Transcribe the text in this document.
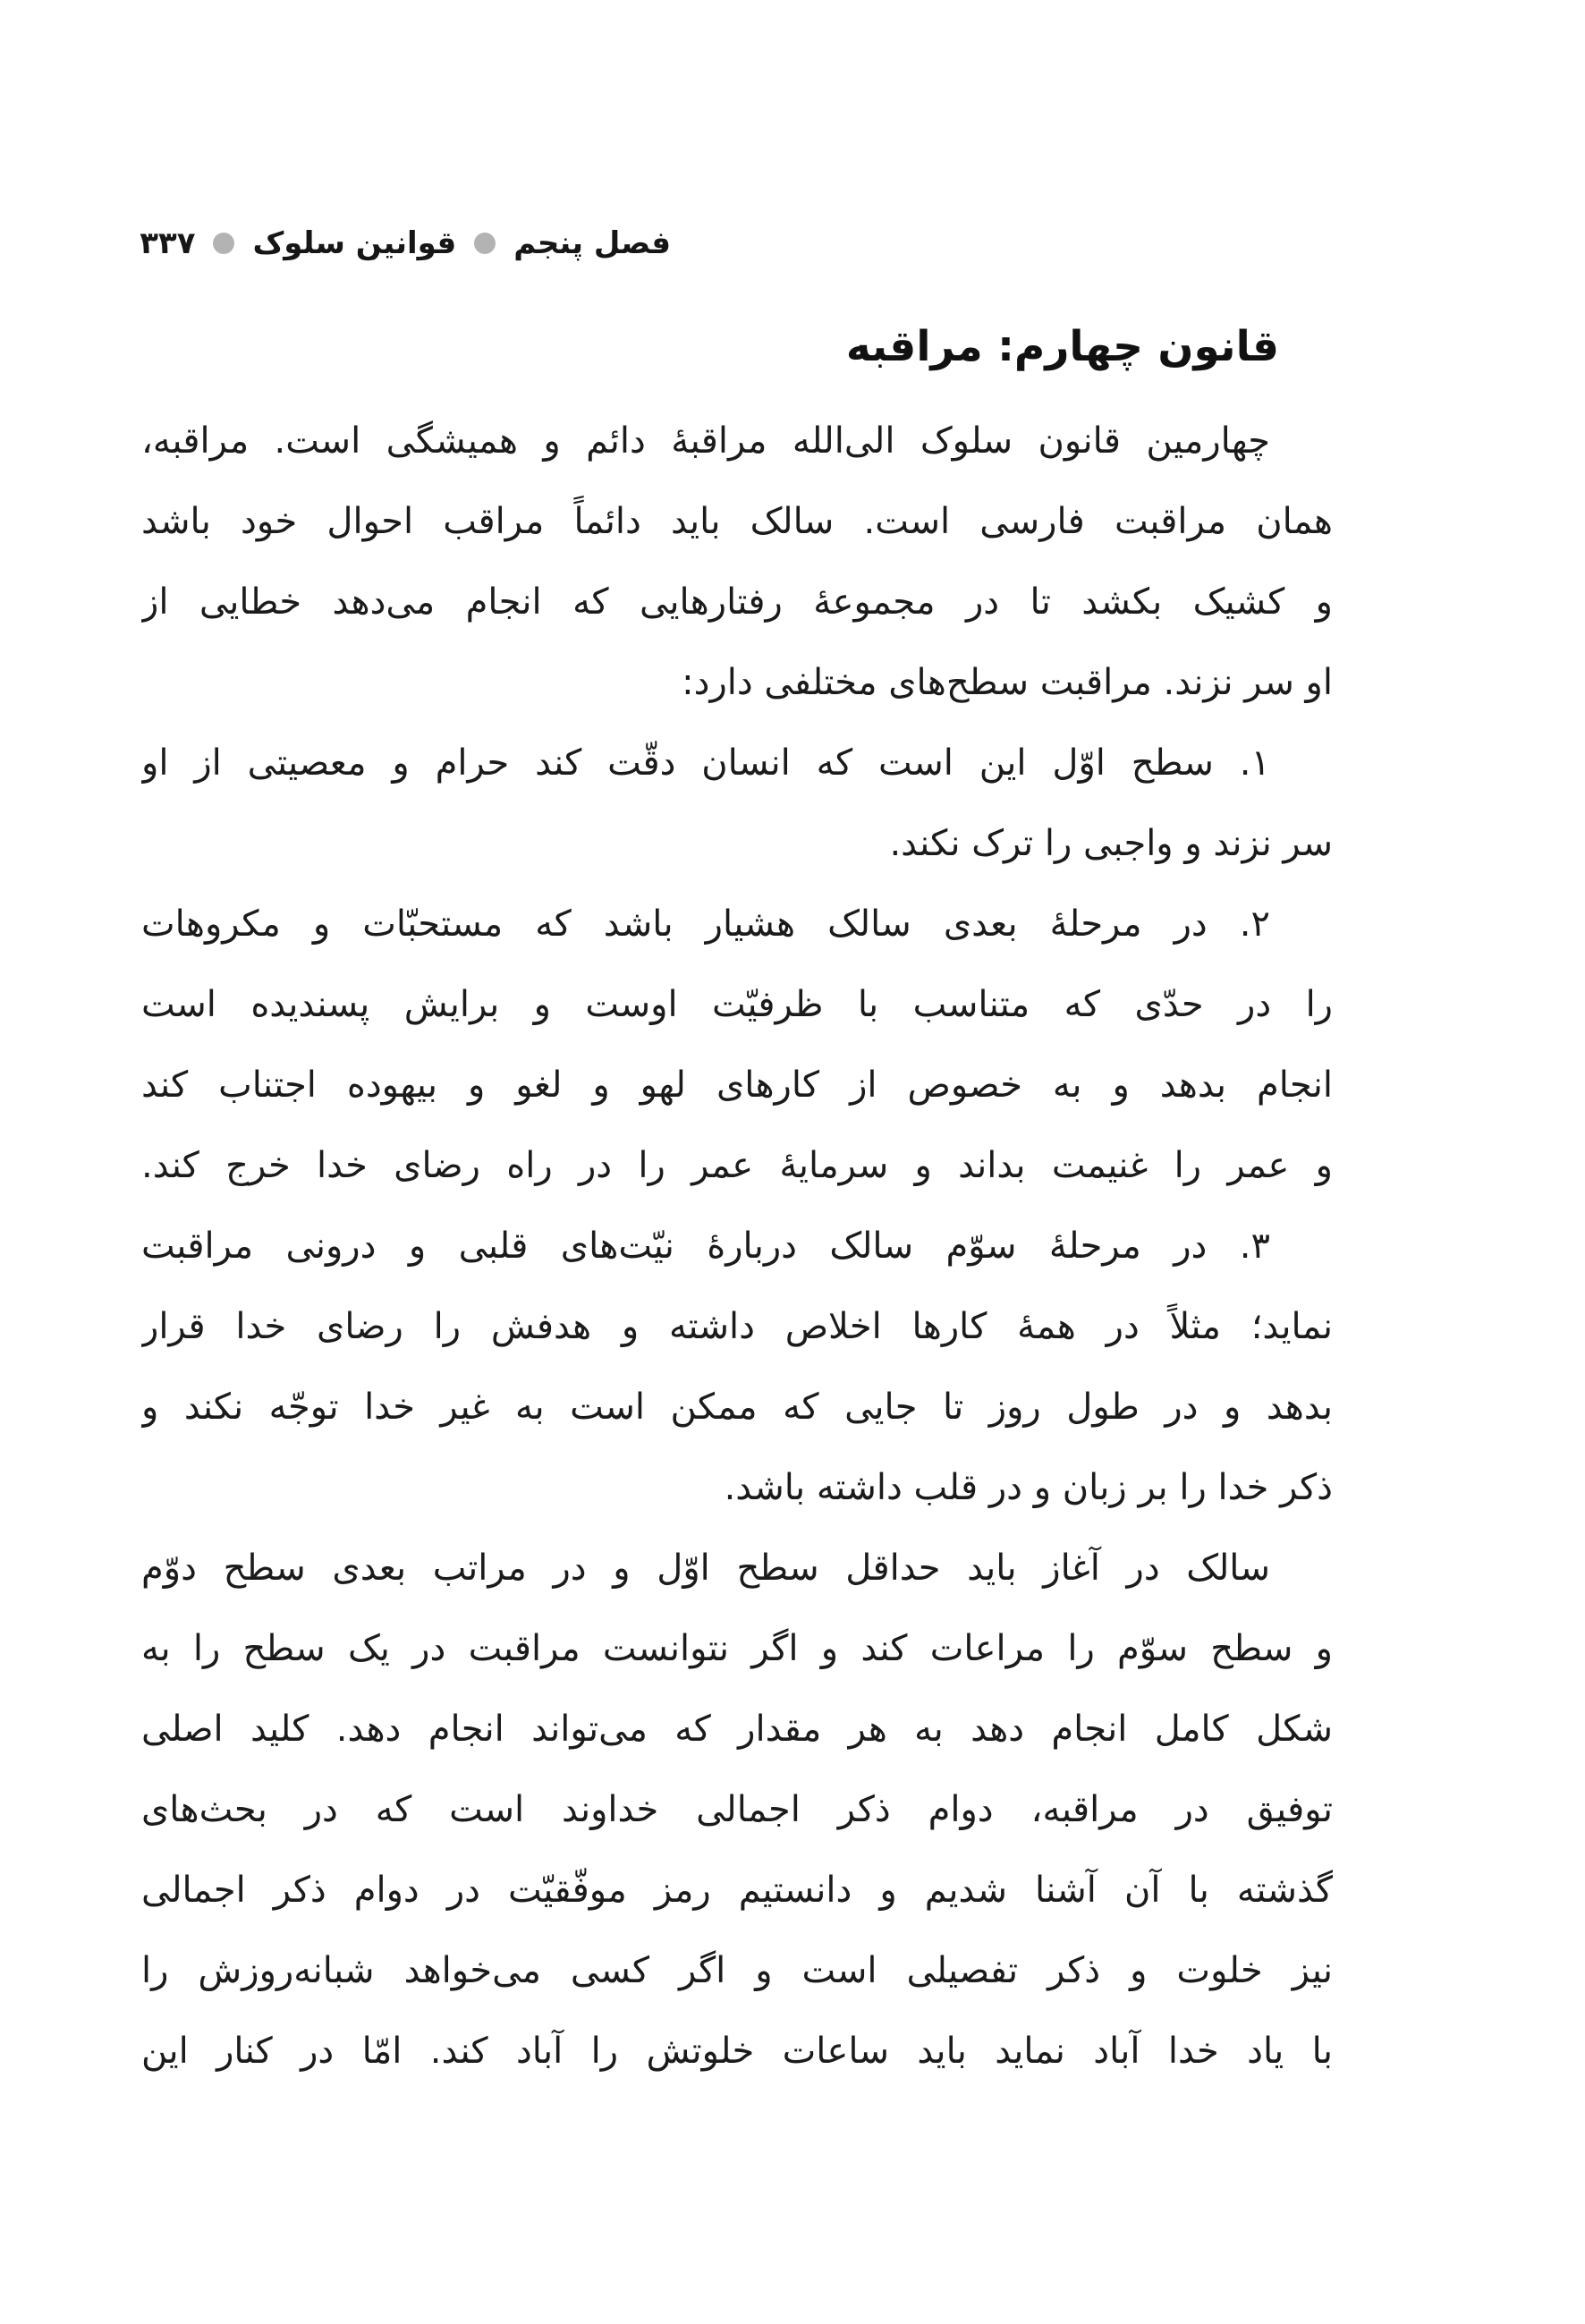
فصل پنجم
قوانین سلوک
۳۳۷
قانون چهارم: مراقبه
چهارمین قانون سلوک الی‌الله مراقبهٔ دائم و همیشگی است. مراقبه،
همان مراقبت فارسی است. سالک باید دائماً مراقب احوال خود باشد
و کشیک بکشد تا در مجموعهٔ رفتارهایی که انجام می‌دهد خطایی از
او سر نزند. مراقبت سطح‌های مختلفی دارد:
۱. سطح اوّل این است که انسان دقّت کند حرام و معصیتی از او
سر نزند و واجبی را ترک نکند.
۲. در مرحلهٔ بعدی سالک هشیار باشد که مستحبّات و مکروهات
را در حدّی که متناسب با ظرفیّت اوست و برایش پسندیده است
انجام بدهد و به خصوص از کارهای لهو و لغو و بیهوده اجتناب کند
و عمر را غنیمت بداند و سرمایهٔ عمر را در راه رضای خدا خرج کند.
۳. در مرحلهٔ سوّم سالک دربارهٔ نیّت‌های قلبی و درونی مراقبت
نماید؛ مثلاً در همهٔ کارها اخلاص داشته و هدفش را رضای خدا قرار
بدهد و در طول روز تا جایی که ممکن است به غیر خدا توجّه نکند و
ذکر خدا را بر زبان و در قلب داشته باشد.
سالک در آغاز باید حداقل سطح اوّل و در مراتب بعدی سطح دوّم
و سطح سوّم را مراعات کند و اگر نتوانست مراقبت در یک سطح را به
شکل کامل انجام دهد به هر مقدار که می‌تواند انجام دهد. کلید اصلی
توفیق در مراقبه، دوام ذکر اجمالی خداوند است که در بحث‌های
گذشته با آن آشنا شدیم و دانستیم رمز موفّقیّت در دوام ذکر اجمالی
نیز خلوت و ذکر تفصیلی است و اگر کسی می‌خواهد شبانه‌روزش را
با یاد خدا آباد نماید باید ساعات خلوتش را آباد کند. امّا در کنار این
